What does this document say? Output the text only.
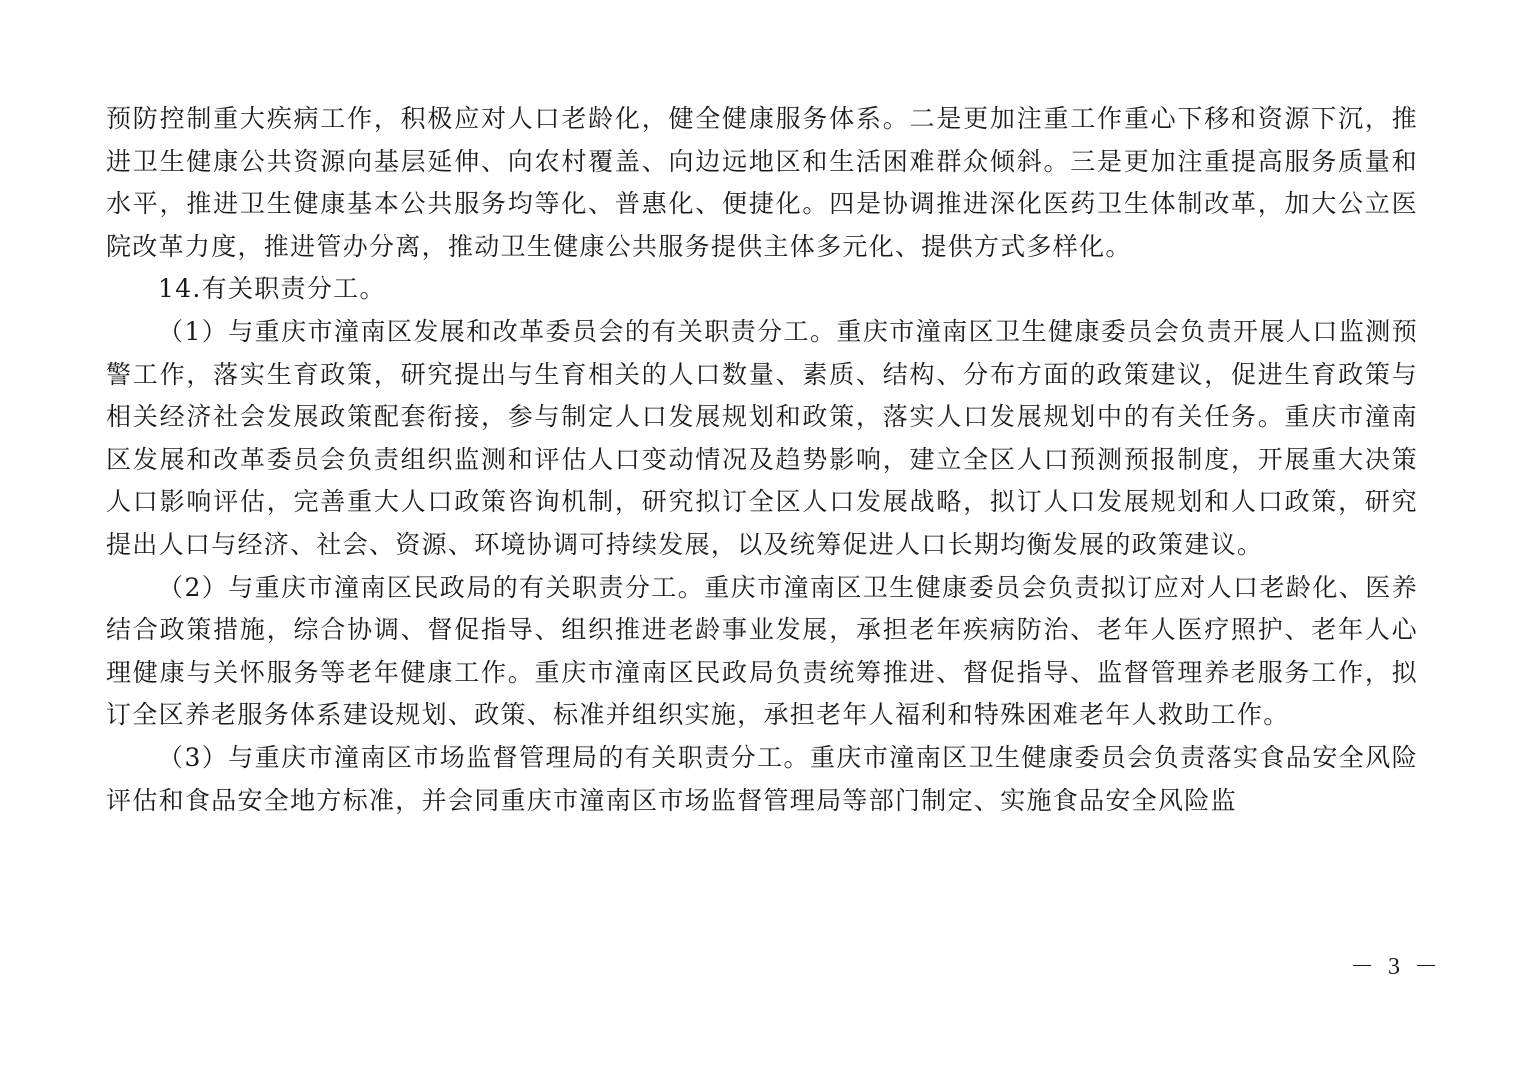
预防控制重大疾病工作，积极应对人口老龄化，健全健康服务体系。二是更加注重工作重心下移和资源下沉，推进卫生健康公共资源向基层延伸、向农村覆盖、向边远地区和生活困难群众倾斜。三是更加注重提高服务质量和水平，推进卫生健康基本公共服务均等化、普惠化、便捷化。四是协调推进深化医药卫生体制改革，加大公立医院改革力度，推进管办分离，推动卫生健康公共服务提供主体多元化、提供方式多样化。

14.有关职责分工。

（1）与重庆市潼南区发展和改革委员会的有关职责分工。重庆市潼南区卫生健康委员会负责开展人口监测预警工作，落实生育政策，研究提出与生育相关的人口数量、素质、结构、分布方面的政策建议，促进生育政策与相关经济社会发展政策配套衔接，参与制定人口发展规划和政策，落实人口发展规划中的有关任务。重庆市潼南区发展和改革委员会负责组织监测和评估人口变动情况及趋势影响，建立全区人口预测预报制度，开展重大决策人口影响评估，完善重大人口政策咨询机制，研究拟订全区人口发展战略，拟订人口发展规划和人口政策，研究提出人口与经济、社会、资源、环境协调可持续发展，以及统筹促进人口长期均衡发展的政策建议。

（2）与重庆市潼南区民政局的有关职责分工。重庆市潼南区卫生健康委员会负责拟订应对人口老龄化、医养结合政策措施，综合协调、督促指导、组织推进老龄事业发展，承担老年疾病防治、老年人医疗照护、老年人心理健康与关怀服务等老年健康工作。重庆市潼南区民政局负责统筹推进、督促指导、监督管理养老服务工作，拟订全区养老服务体系建设规划、政策、标准并组织实施，承担老年人福利和特殊困难老年人救助工作。

（3）与重庆市潼南区市场监督管理局的有关职责分工。重庆市潼南区卫生健康委员会负责落实食品安全风险评估和食品安全地方标准，并会同重庆市潼南区市场监督管理局等部门制定、实施食品安全风险监

－ 3 －
